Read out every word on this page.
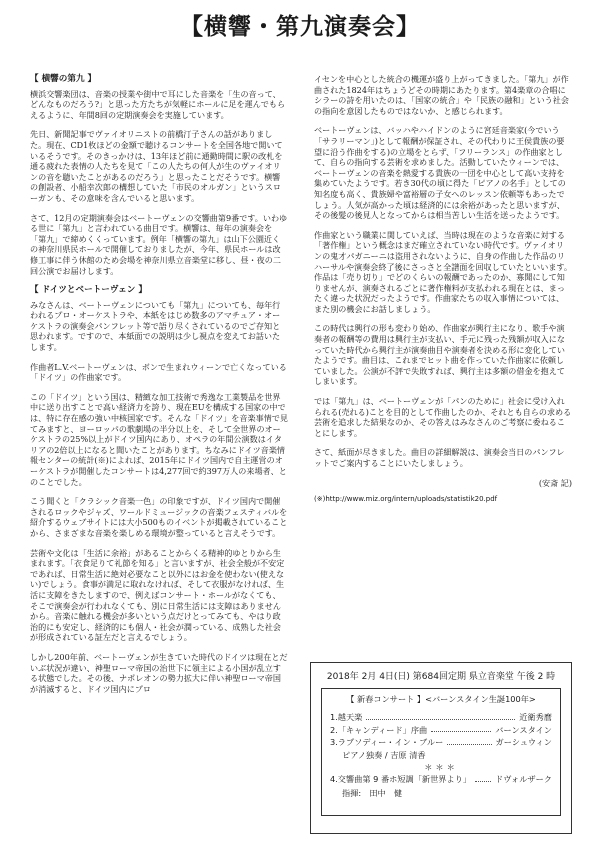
【横響・第九演奏会】
【 横響の第九 】

横浜交響楽団は、音楽の授業や街中で耳にした音楽を「生の音って、どんなものだろう?」と思った方たちが気軽にホールに足を運んでもらえるように、年間8回の定期演奏会を実施しています。

先日、新聞記事でヴァイオリニストの前橋汀子さんの話がありました。現在、CD1枚ほどの金額で聴けるコンサートを全国各地で開いているそうです。そのきっかけは、13年ほど前に通勤時間に駅の改札を通る疲れた表情の人たちを見て「この人たちの何人が生のヴァイオリンの音を聴いたことがあるのだろう」と思ったことだそうです。横響の創設者、小船幸次郎の構想していた「市民のオルガン」というスローガンも、その意味を含んでいると思います。

さて、12月の定期演奏会はベートーヴェンの交響曲第9番です。いわゆる世に「第九」と言われている曲目です。横響は、毎年の演奏会を「第九」で締めくくっています。例年「横響の第九」は山下公園近くの神奈川県民ホールで開催しておりましたが、今年、県民ホールは改修工事に伴う休館のため会場を神奈川県立音楽堂に移し、昼・夜の二回公演でお届けします。

【 ドイツとベートーヴェン 】

みなさんは、ベートーヴェンについても「第九」についても、毎年行われるプロ・オーケストラや、本紙をはじめ数多のアマチュア・オーケストラの演奏会パンフレット等で語り尽くされているのでご存知と思われます。ですので、本紙面での説明は少し視点を変えてお話いたします。

作曲者L.V.ベートーヴェンは、ボンで生まれウィーンで亡くなっている「ドイツ」の作曲家です。

この「ドイツ」という国は、精緻な加工技術で秀逸な工業製品を世界中に送り出すことで高い経済力を誇り、現在EUを構成する国家の中では、特に存在感の強い中核国家です。そんな「ドイツ」を音楽事情で見てみますと、ヨーロッパの歌劇場の半分以上を、そして全世界のオーケストラの25%以上がドイツ国内にあり、オペラの年間公演数はイタリアの2倍以上になると聞いたことがあります。ちなみにドイツ音楽情報センターの統計(※)によれば、2015年にドイツ国内で自主運営のオーケストラが開催したコンサートは4,277回で約397万人の来場者、とのことでした。

こう聞くと「クラシック音楽一色」の印象ですが、ドイツ国内で開催されるロックやジャズ、ワールドミュージックの音楽フェスティバルを紹介するウェブサイトには大小500ものイベントが掲載されていることから、さまざまな音楽を楽しめる環境が整っていると言えそうです。

芸術や文化は「生活に余裕」があることからくる精神的ゆとりから生まれます。「衣食足りて礼節を知る」と言いますが、社会全般が不安定であれば、日常生活に絶対必要なこと以外にはお金を使わない(使えない)でしょう。食事が満足に取れなければ、そして衣服がなければ、生活に支障をきたしますので、例えばコンサート・ホールがなくても、そこで演奏会が行われなくても、別に日常生活には支障はありませんから。音楽に触れる機会が多いという点だけとってみても、やはり政治的にも安定し、経済的にも個人・社会が潤っている、成熟した社会が形成されている証左だと言えるでしょう。

しかし200年前、ベートーヴェンが生きていた時代のドイツは現在とだいぶ状況が違い、神聖ローマ帝国の治世下に領主による小国が乱立する状態でした。その後、ナポレオンの勢力拡大に伴い神聖ローマ帝国が消滅すると、ドイツ国内にプロ

イセンを中心とした統合の機運が盛り上がってきました。「第九」が作曲された1824年はちょうどその時期にあたります。第4楽章の合唱にシラーの詩を用いたのは、「国家の統合」や「民族の融和」という社会の指向を意図したものではないか、と感じられます。

ベートーヴェンは、バッハやハイドンのように宮廷音楽家(今でいう「サラリーマン」)として報酬が保証され、その代わりに王侯貴族の要望に沿う作曲をする)の立場をとらず、「フリーランス」の作曲家として、自らの指向する芸術を求めました。活動していたウィーンでは、ベートーヴェンの音楽を熱愛する貴族の一団を中心として高い支持を集めていたようです。若き30代の頃に得た「ピアノの名手」としての知名度も高く、貴族婦や富裕層の子女へのレッスン依頼等もあったでしょう。人気が高かった頃は経済的には余裕があったと思いますが、その後髪の後見人となってからは相当苦しい生活を送ったようです。

作曲家という職業に関していえば、当時は現在のような音楽に対する「著作権」という概念はまだ確立されていない時代です。ヴァイオリンの鬼才パガニーニは盗用されないように、自身の作曲した作品のリハーサルや演奏会終了後にさっさと全譜面を回収していたといいます。作品は「売り切り」でどのくらいの報酬であったのか、寡聞にして知りませんが、演奏されるごとに著作権料が支払われる現在とは、まったく違った状況だったようです。作曲家たちの収入事情については、また別の機会にお話しましょう。

この時代は興行の形も変わり始め、作曲家が興行主になり、歌手や演奏者の報酬等の費用は興行主が支払い、手元に残った残額が収入になっていた時代から興行主が演奏曲目や演奏者を決める形に変化していたようです。曲目は、これまでヒット曲を作っていた作曲家に依頼していました。公演が不評で失敗すれば、興行主は多額の借金を抱えてしまいます。

では「第九」は、ベートーヴェンが「パンのために」社会に受け入れられる(売れる)ことを目的として作曲したのか、それとも自らの求める芸術を追求した結果なのか、その答えはみなさんのご考察に委ねることにします。

さて、紙面が尽きました。曲目の詳細解説は、演奏会当日のパンフレットでご案内することにいたしましょう。

(安斎 記)
(※)http://www.miz.org/intern/uploads/statistik20.pdf
2018年 2月 4日(日) 第684回定期 県立音楽堂 午後 2 時
【 新春コンサート 】<バーンスタイン生誕100年>
1.越天楽	近衛秀麿
2.「キャンディード」序曲	バーンスタイン
3.ラプソディー・イン・ブルー	ガーシュウィン
ピアノ独奏 / 吉原 清香
＊＊＊
4.交響曲第 9 番ホ短調「新世界より」	ドヴォルザーク
指揮:　田中　健
